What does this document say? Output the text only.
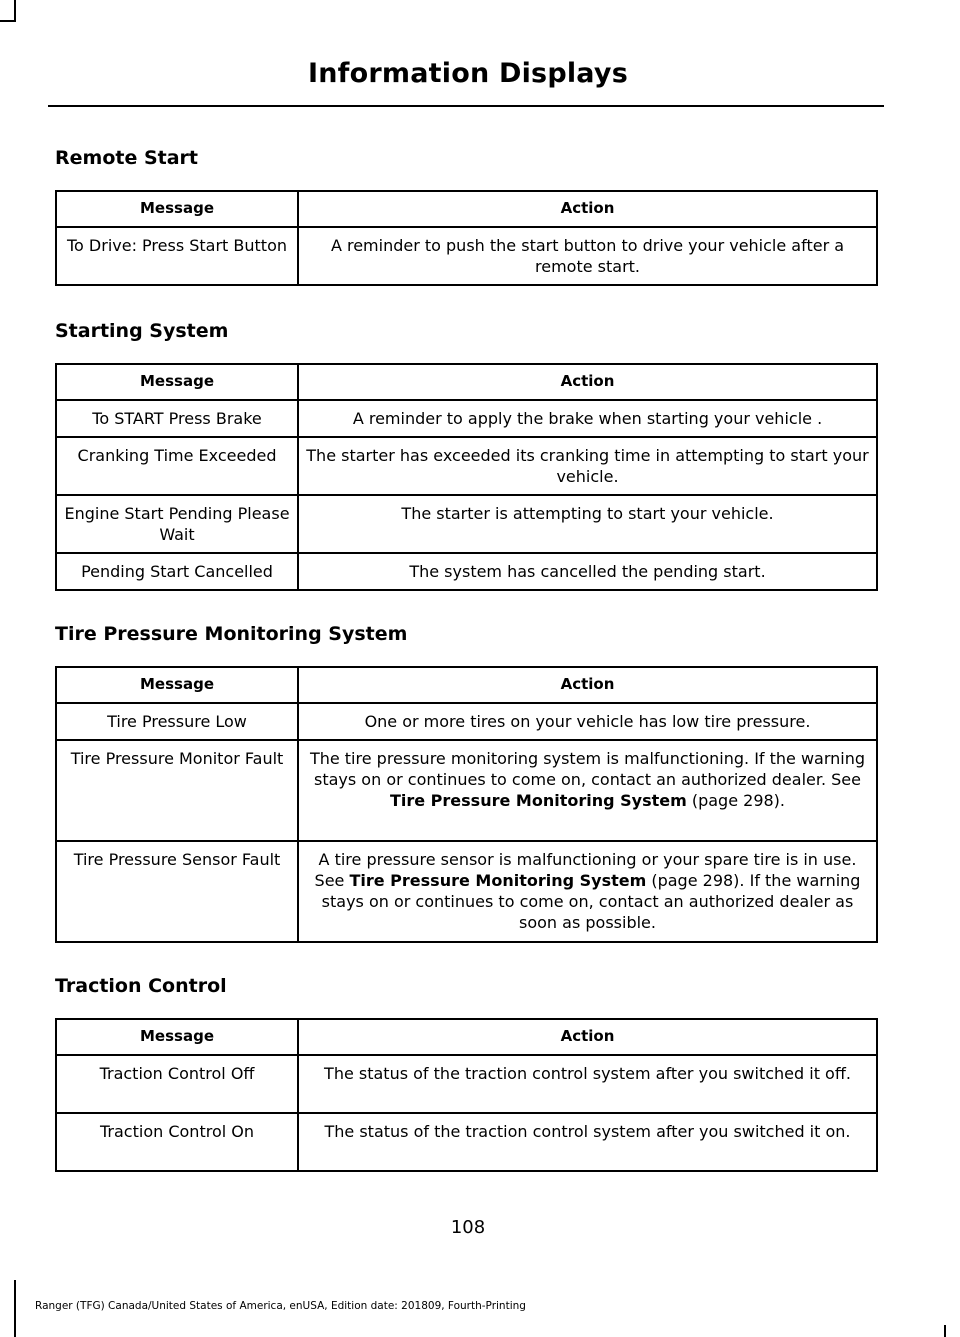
Information Displays
Remote Start
Message	Action
To Drive: Press Start Button	A reminder to push the start button to drive your vehicle after a remote start.
Starting System
Message	Action
To START Press Brake	A reminder to apply the brake when starting your vehicle .
Cranking Time Exceeded	The starter has exceeded its cranking time in attempting to start your vehicle.
Engine Start Pending Please Wait	The starter is attempting to start your vehicle.
Pending Start Cancelled	The system has cancelled the pending start.
Tire Pressure Monitoring System
Message	Action
Tire Pressure Low	One or more tires on your vehicle has low tire pressure.
Tire Pressure Monitor Fault	The tire pressure monitoring system is malfunctioning. If the warning stays on or continues to come on, contact an authorized dealer. See Tire Pressure Monitoring System (page 298).
Tire Pressure Sensor Fault	A tire pressure sensor is malfunctioning or your spare tire is in use. See Tire Pressure Monitoring System (page 298). If the warning stays on or continues to come on, contact an authorized dealer as soon as possible.
Traction Control
Message	Action
Traction Control Off	The status of the traction control system after you switched it off.
Traction Control On	The status of the traction control system after you switched it on.
108
Ranger (TFG) Canada/United States of America, enUSA, Edition date: 201809, Fourth-Printing
